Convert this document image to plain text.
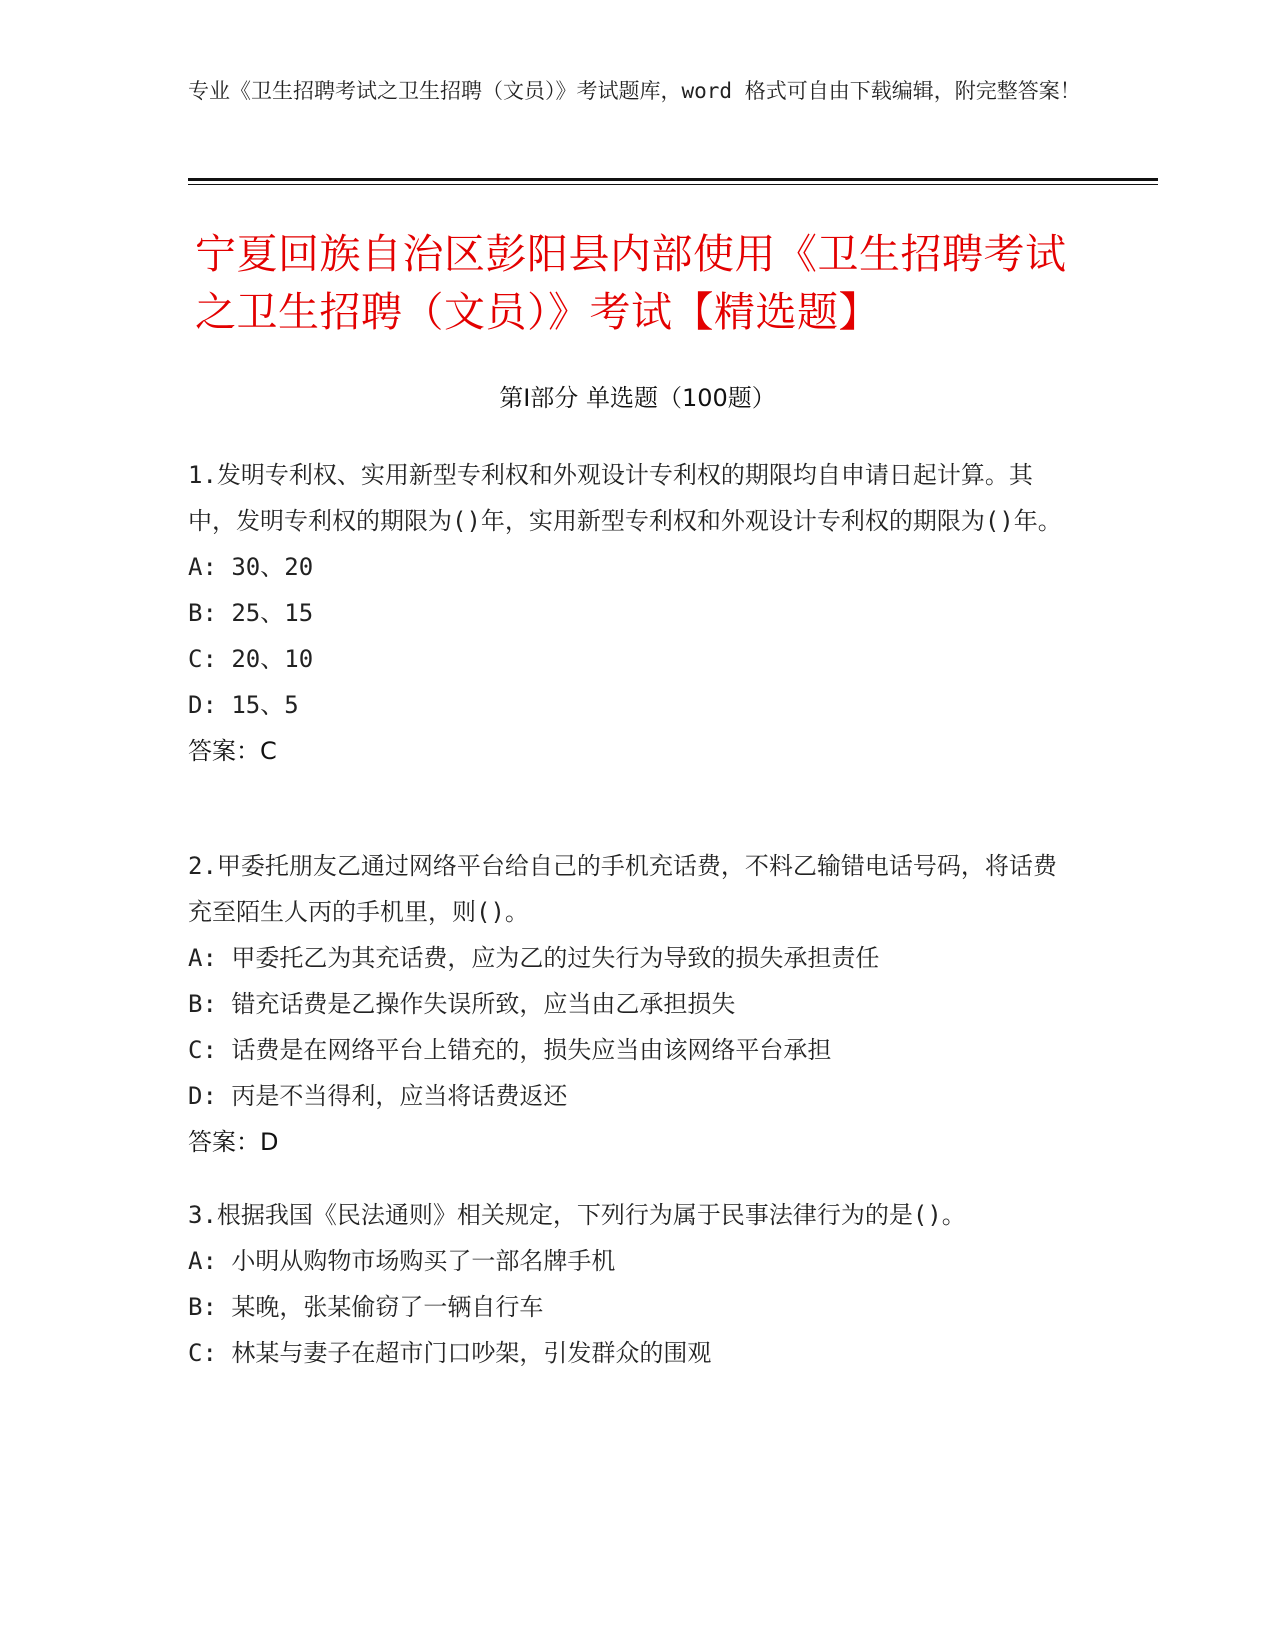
专业《卫生招聘考试之卫生招聘（文员）》考试题库，word 格式可自由下载编辑，附完整答案！
宁夏回族自治区彭阳县内部使用《卫生招聘考试之卫生招聘（文员）》考试【精选题】
第Ⅰ部分 单选题（100题）

1.发明专利权、实用新型专利权和外观设计专利权的期限均自申请日起计算。其中，发明专利权的期限为()年，实用新型专利权和外观设计专利权的期限为()年。

A: 30、20

B: 25、15

C: 20、10

D: 15、5

答案：C

2.甲委托朋友乙通过网络平台给自己的手机充话费，不料乙输错电话号码，将话费充至陌生人丙的手机里，则()。

A: 甲委托乙为其充话费，应为乙的过失行为导致的损失承担责任

B: 错充话费是乙操作失误所致，应当由乙承担损失

C: 话费是在网络平台上错充的，损失应当由该网络平台承担

D: 丙是不当得利，应当将话费返还

答案：D

3.根据我国《民法通则》相关规定，下列行为属于民事法律行为的是()。

A: 小明从购物市场购买了一部名牌手机

B: 某晚，张某偷窃了一辆自行车

C: 林某与妻子在超市门口吵架，引发群众的围观
